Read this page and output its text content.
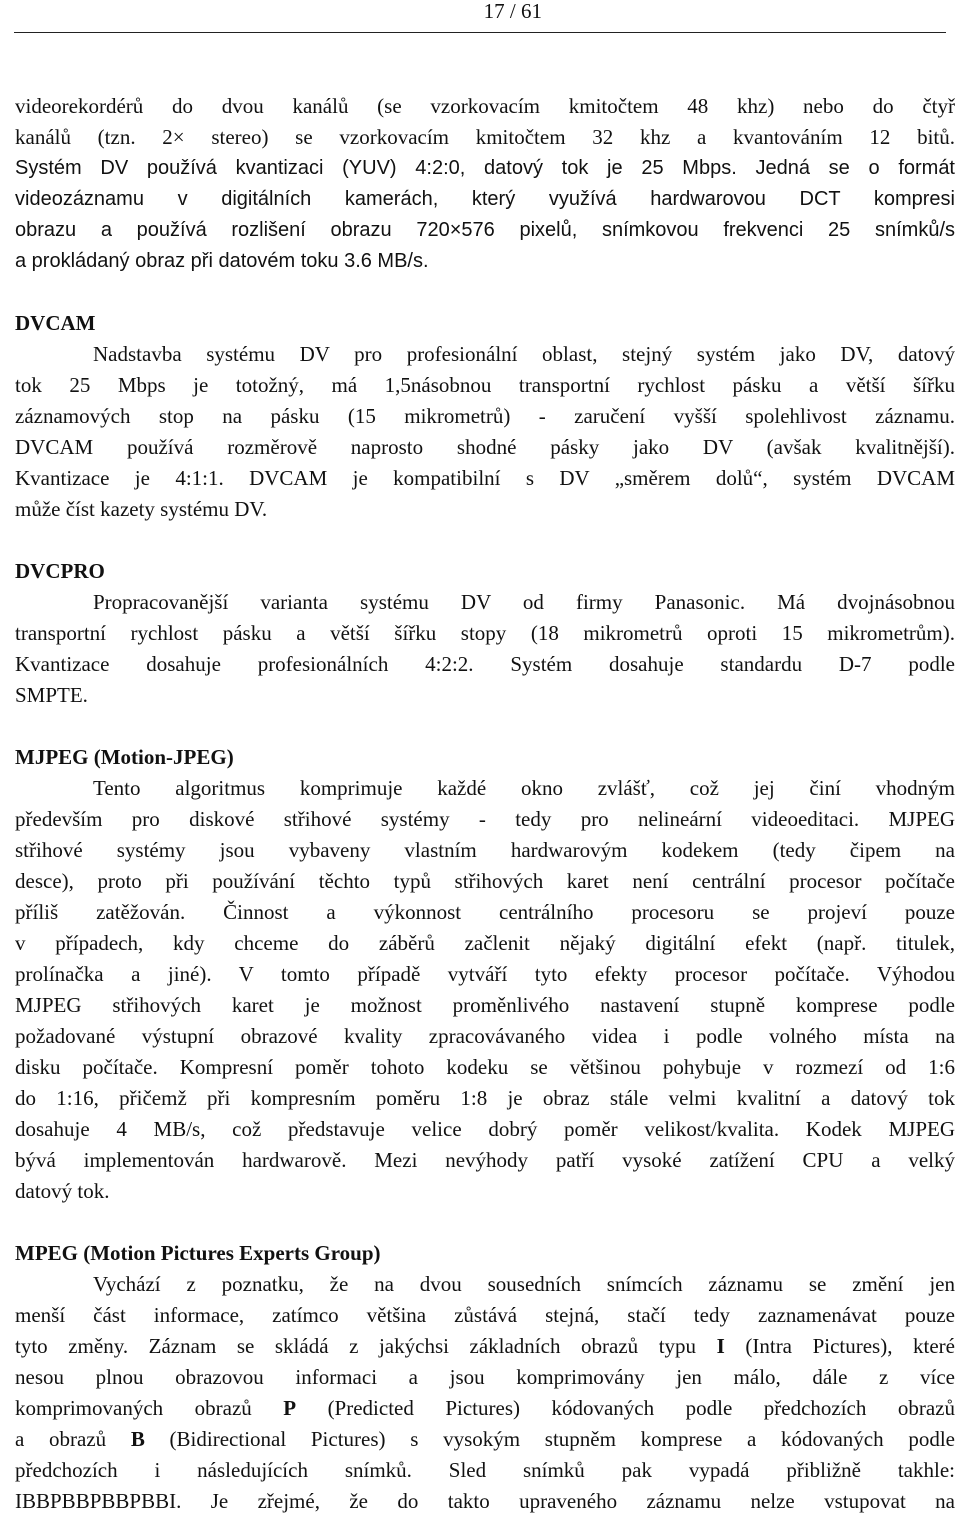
17 / 61

videorekordérů do dvou kanálů (se vzorkovacím kmitočtem 48 khz) nebo do čtyř
kanálů (tzn. 2× stereo) se vzorkovacím kmitočtem 32 khz a kvantováním 12 bitů.
Systém DV používá kvantizaci (YUV) 4:2:0, datový tok je 25 Mbps. Jedná se o formát
videozáznamu v digitálních kamerách, který využívá hardwarovou DCT kompresi
obrazu a používá rozlišení obrazu 720×576 pixelů, snímkovou frekvenci 25 snímků/s
a prokládaný obraz při datovém toku 3.6 MB/s.

DVCAM

Nadstavba systému DV pro profesionální oblast, stejný systém jako DV, datový
tok 25 Mbps je totožný, má 1,5násobnou transportní rychlost pásku a větší šířku
záznamových stop na pásku (15 mikrometrů) - zaručení vyšší spolehlivost záznamu.
DVCAM používá rozměrově naprosto shodné pásky jako DV (avšak kvalitnější).
Kvantizace je 4:1:1. DVCAM je kompatibilní s DV „směrem dolů“, systém DVCAM
může číst kazety systému DV.

DVCPRO

Propracovanější varianta systému DV od firmy Panasonic. Má dvojnásobnou
transportní rychlost pásku a větší šířku stopy (18 mikrometrů oproti 15 mikrometrům).
Kvantizace dosahuje profesionálních 4:2:2. Systém dosahuje standardu D-7 podle
SMPTE.

MJPEG (Motion-JPEG)

Tento algoritmus komprimuje každé okno zvlášť, což jej činí vhodným
především pro diskové střihové systémy - tedy pro nelineární videoeditaci. MJPEG
střihové systémy jsou vybaveny vlastním hardwarovým kodekem (tedy čipem na
desce), proto při používání těchto typů střihových karet není centrální procesor počítače
příliš zatěžován. Činnost a výkonnost centrálního procesoru se projeví pouze
v případech, kdy chceme do záběrů začlenit nějaký digitální efekt (např. titulek,
prolínačka a jiné). V tomto případě vytváří tyto efekty procesor počítače. Výhodou
MJPEG střihových karet je možnost proměnlivého nastavení stupně komprese podle
požadované výstupní obrazové kvality zpracovávaného videa i podle volného místa na
disku počítače. Kompresní poměr tohoto kodeku se většinou pohybuje v rozmezí od 1:6
do 1:16, přičemž při kompresním poměru 1:8 je obraz stále velmi kvalitní a datový tok
dosahuje 4 MB/s, což představuje velice dobrý poměr velikost/kvalita. Kodek MJPEG
bývá implementován hardwarově. Mezi nevýhody patří vysoké zatížení CPU a velký
datový tok.

MPEG (Motion Pictures Experts Group)

Vychází z poznatku, že na dvou sousedních snímcích záznamu se změní jen
menší část informace, zatímco většina zůstává stejná, stačí tedy zaznamenávat pouze
tyto změny. Záznam se skládá z jakýchsi základních obrazů typu I (Intra Pictures), které
nesou plnou obrazovou informaci a jsou komprimovány jen málo, dále z více
komprimovaných obrazů P (Predicted Pictures) kódovaných podle předchozích obrazů
a obrazů B (Bidirectional Pictures) s vysokým stupněm komprese a kódovaných podle
předchozích i následujících snímků. Sled snímků pak vypadá přibližně takhle:
IBBPBBPBBPBBI. Je zřejmé, že do takto upraveného záznamu nelze vstupovat na
